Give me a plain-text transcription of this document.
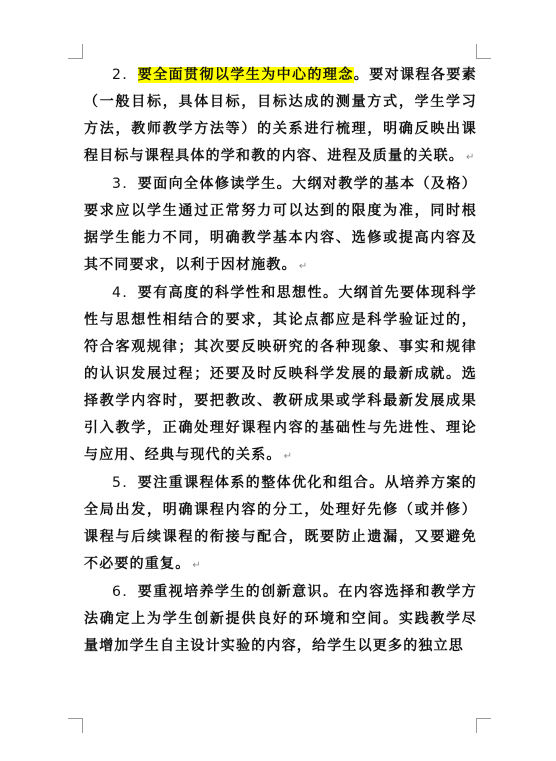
2．要全面贯彻以学生为中心的理念。要对课程各要素（一般目标，具体目标，目标达成的测量方式，学生学习方法，教师教学方法等）的关系进行梳理，明确反映出课程目标与课程具体的学和教的内容、进程及质量的关联。 ↵

3．要面向全体修读学生。大纲对教学的基本（及格）要求应以学生通过正常努力可以达到的限度为准，同时根据学生能力不同，明确教学基本内容、选修或提高内容及其不同要求，以利于因材施教。 ↵

4．要有高度的科学性和思想性。大纲首先要体现科学性与思想性相结合的要求，其论点都应是科学验证过的，符合客观规律；其次要反映研究的各种现象、事实和规律的认识发展过程；还要及时反映科学发展的最新成就。选择教学内容时，要把教改、教研成果或学科最新发展成果引入教学，正确处理好课程内容的基础性与先进性、理论与应用、经典与现代的关系。 ↵

5．要注重课程体系的整体优化和组合。从培养方案的全局出发，明确课程内容的分工，处理好先修（或并修）课程与后续课程的衔接与配合，既要防止遗漏，又要避免不必要的重复。 ↵

6．要重视培养学生的创新意识。在内容选择和教学方法确定上为学生创新提供良好的环境和空间。实践教学尽量增加学生自主设计实验的内容，给学生以更多的独立思
